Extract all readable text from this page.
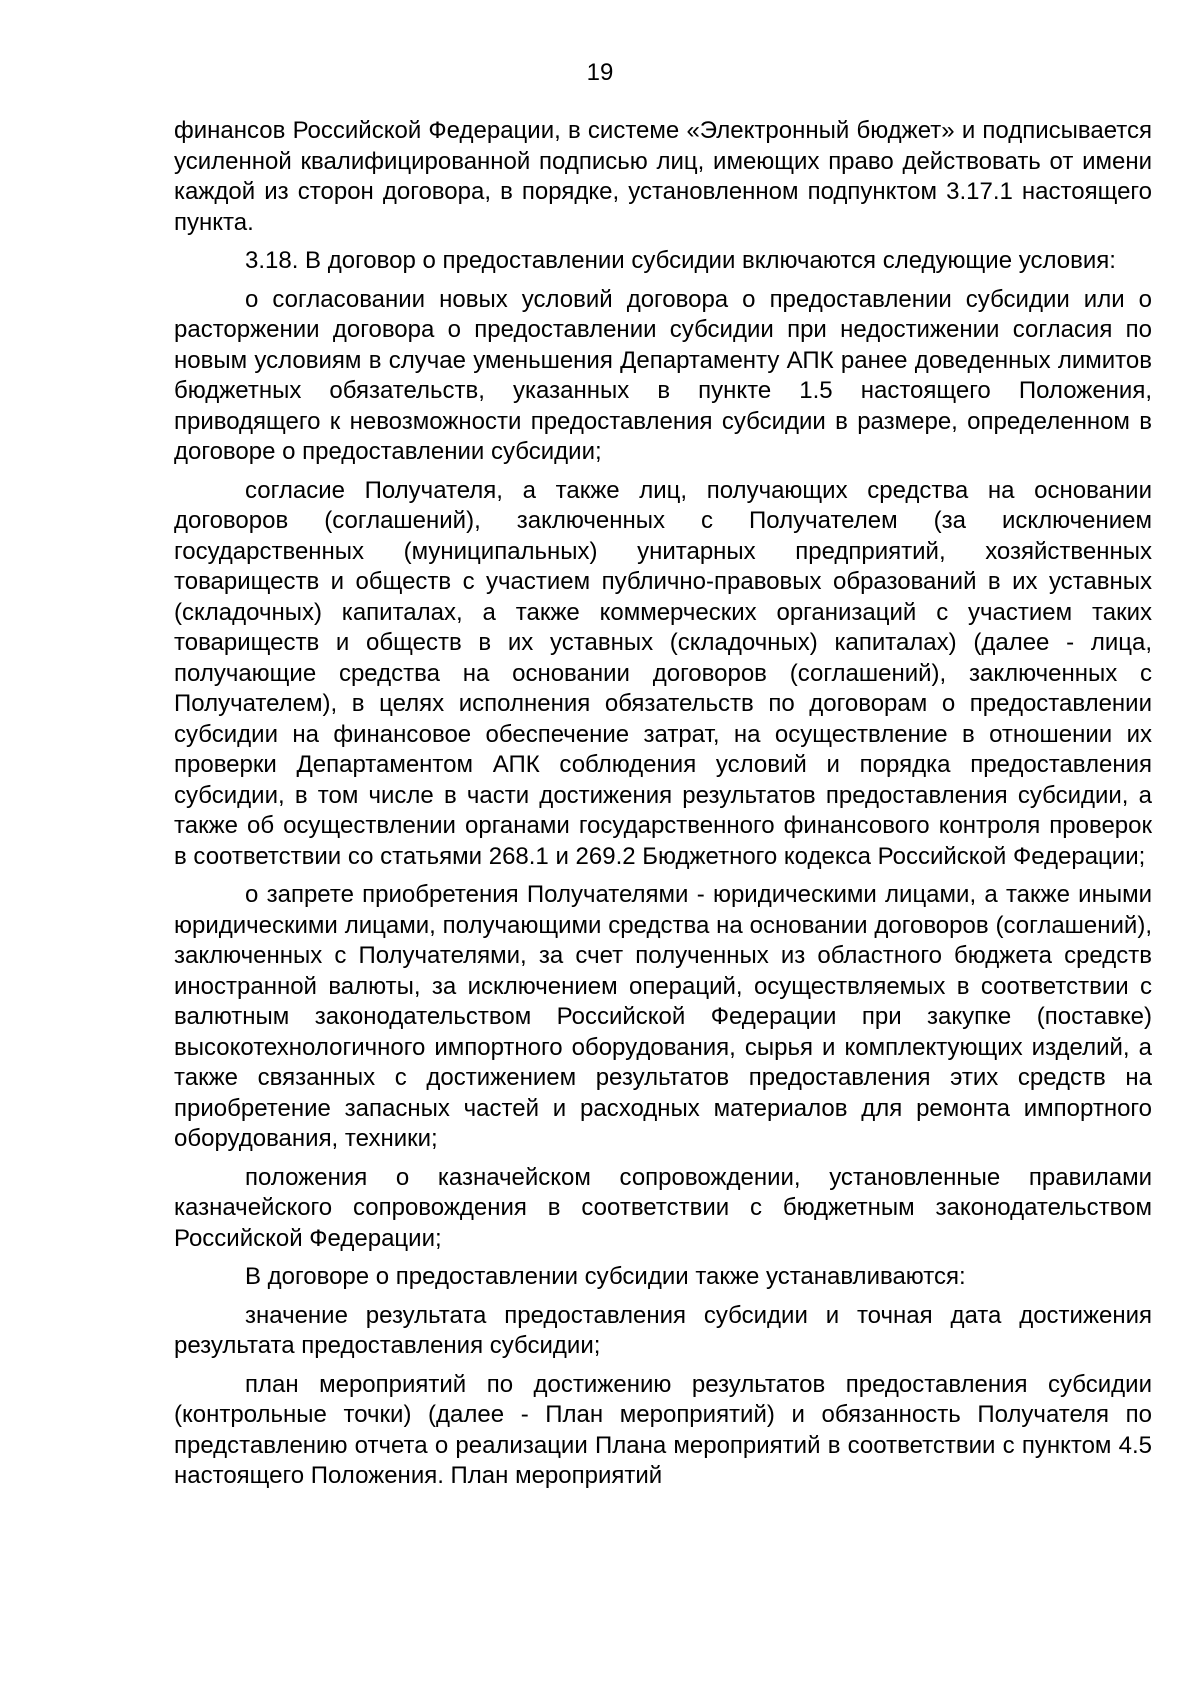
19

финансов Российской Федерации, в системе «Электронный бюджет» и подписывается усиленной квалифицированной подписью лиц, имеющих право действовать от имени каждой из сторон договора, в порядке, установленном подпунктом 3.17.1 настоящего пункта.

3.18. В договор о предоставлении субсидии включаются следующие условия:

о согласовании новых условий договора о предоставлении субсидии или о расторжении договора о предоставлении субсидии при недостижении согласия по новым условиям в случае уменьшения Департаменту АПК ранее доведенных лимитов бюджетных обязательств, указанных в пункте 1.5 настоящего Положения, приводящего к невозможности предоставления субсидии в размере, определенном в договоре о предоставлении субсидии;

согласие Получателя, а также лиц, получающих средства на основании договоров (соглашений), заключенных с Получателем (за исключением государственных (муниципальных) унитарных предприятий, хозяйственных товариществ и обществ с участием публично-правовых образований в их уставных (складочных) капиталах, а также коммерческих организаций с участием таких товариществ и обществ в их уставных (складочных) капиталах) (далее - лица, получающие средства на основании договоров (соглашений), заключенных с Получателем), в целях исполнения обязательств по договорам о предоставлении субсидии на финансовое обеспечение затрат, на осуществление в отношении их проверки Департаментом АПК соблюдения условий и порядка предоставления субсидии, в том числе в части достижения результатов предоставления субсидии, а также об осуществлении органами государственного финансового контроля проверок в соответствии со статьями 268.1 и 269.2 Бюджетного кодекса Российской Федерации;

о запрете приобретения Получателями - юридическими лицами, а также иными юридическими лицами, получающими средства на основании договоров (соглашений), заключенных с Получателями, за счет полученных из областного бюджета средств иностранной валюты, за исключением операций, осуществляемых в соответствии с валютным законодательством Российской Федерации при закупке (поставке) высокотехнологичного импортного оборудования, сырья и комплектующих изделий, а также связанных с достижением результатов предоставления этих средств на приобретение запасных частей и расходных материалов для ремонта импортного оборудования, техники;

положения о казначейском сопровождении, установленные правилами казначейского сопровождения в соответствии с бюджетным законодательством Российской Федерации;

В договоре о предоставлении субсидии также устанавливаются:

значение результата предоставления субсидии и точная дата достижения результата предоставления субсидии;

план мероприятий по достижению результатов предоставления субсидии (контрольные точки) (далее - План мероприятий) и обязанность Получателя по представлению отчета о реализации Плана мероприятий в соответствии с пунктом 4.5 настоящего Положения. План мероприятий
